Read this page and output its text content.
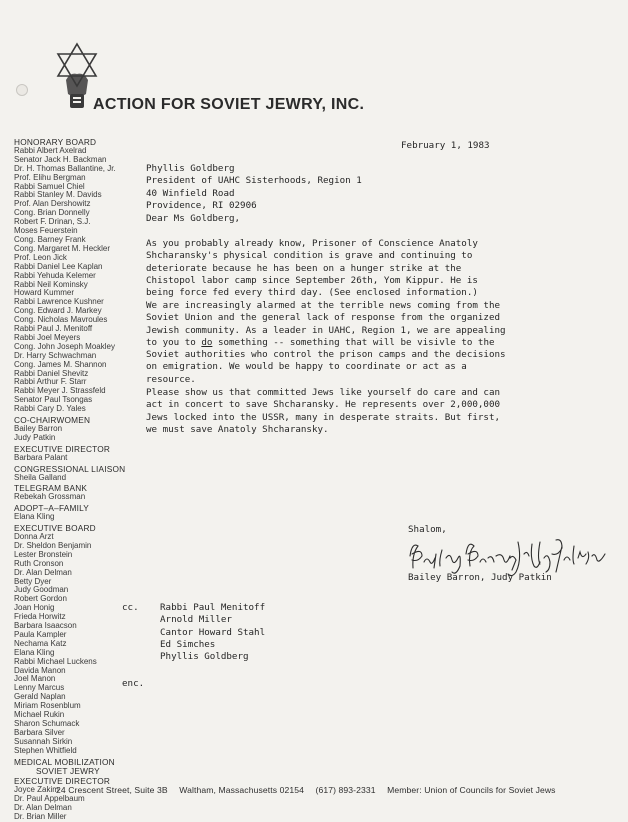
ACTION FOR SOVIET JEWRY, INC.
HONORARY BOARD
Rabbi Albert Axelrad
Senator Jack H. Backman
Dr. H. Thomas Ballantine, Jr.
Prof. Elihu Bergman
Rabbi Samuel Chiel
Rabbi Stanley M. Davids
Prof. Alan Dershowitz
Cong. Brian Donnelly
Robert F. Drinan, S.J.
Moses Feuerstein
Cong. Barney Frank
Cong. Margaret M. Heckler
Prof. Leon Jick
Rabbi Daniel Lee Kaplan
Rabbi Yehuda Kelemer
Rabbi Neil Kominsky
Howard Kummer
Rabbi Lawrence Kushner
Cong. Edward J. Markey
Cong. Nicholas Mavroules
Rabbi Paul J. Menitoff
Rabbi Joel Meyers
Cong. John Joseph Moakley
Dr. Harry Schwachman
Cong. James M. Shannon
Rabbi Daniel Shevitz
Rabbi Arthur F. Starr
Rabbi Meyer J. Strassfeld
Senator Paul Tsongas
Rabbi Cary D. Yales
CO-CHAIRWOMEN
Bailey Barron
Judy Patkin
EXECUTIVE DIRECTOR
Barbara Palant
CONGRESSIONAL LIAISON
Sheila Galland
TELEGRAM BANK
Rebekah Grossman
ADOPT–A–FAMILY
Elana Kling
EXECUTIVE BOARD
Donna Arzt
Dr. Sheldon Benjamin
Lester Bronstein
Ruth Cronson
Dr. Alan Delman
Betty Dyer
Judy Goodman
Robert Gordon
Joan Honig
Frieda Horwitz
Barbara Isaacson
Paula Kampler
Nechama Katz
Elana Kling
Rabbi Michael Luckens
Davida Manon
Joel Manon
Lenny Marcus
Gerald Naplan
Miriam Rosenblum
Michael Rukin
Sharon Schumack
Barbara Silver
Susannah Sirkin
Stephen Whitfield
MEDICAL MOBILIZATION
SOVIET JEWRY
EXECUTIVE DIRECTOR
Joyce Zakim
Dr. Paul Appelbaum
Dr. Alan Delman
Dr. Brian Miller
February 1, 1983
Phyllis Goldberg
President of UAHC Sisterhoods, Region 1
40 Winfield Road
Providence, RI 02906
Dear Ms Goldberg,
As you probably already know, Prisoner of Conscience Anatoly
Shcharansky's physical condition is grave and continuing to
deteriorate because he has been on a hunger strike at the
Chistopol labor camp since September 26th, Yom Kippur. He is
being force fed every third day. (See enclosed information.)
We are increasingly alarmed at the terrible news coming from the
Soviet Union and the general lack of response from the organized
Jewish community. As a leader in UAHC, Region 1, we are appealing
to you to do something -- something that will be visivle to the
Soviet authorities who control the prison camps and the decisions
on emigration. We would be happy to coordinate or act as a
resource.
Please show us that committed Jews like yourself do care and can
act in concert to save Shcharansky. He represents over 2,000,000
Jews locked into the USSR, many in desperate straits. But first,
we must save Anatoly Shcharansky.
Shalom,
Bailey Barron, Judy Patkin
cc. Rabbi Paul Menitoff
Arnold Miller
Cantor Howard Stahl
Ed Simches
Phyllis Goldberg
enc.
24 Crescent Street, Suite 3B Waltham, Massachusetts 02154 (617) 893-2331 Member: Union of Councils for Soviet Jews
